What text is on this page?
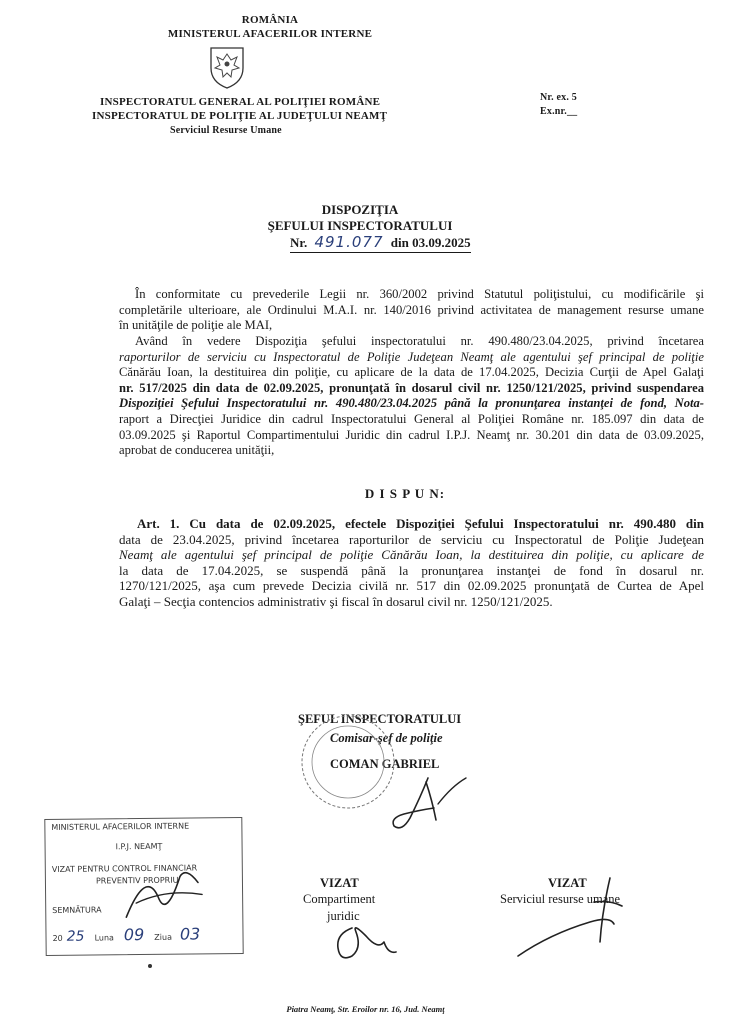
ROMÂNIA
MINISTERUL AFACERILOR INTERNE
INSPECTORATUL GENERAL AL POLIŢIEI ROMÂNE
INSPECTORATUL DE POLIŢIE AL JUDEŢULUI NEAMŢ
Serviciul Resurse Umane
Nr. ex. 5
Ex.nr.__
DISPOZIŢIA
ŞEFULUI INSPECTORATULUI
Nr. 491.077 din 03.09.2025
În conformitate cu prevederile Legii nr. 360/2002 privind Statutul poliţistului, cu modificările şi
completările ulterioare, ale Ordinului M.A.I. nr. 140/2016 privind activitatea de management resurse umane
în unităţile de poliţie ale MAI,
Având în vedere Dispoziţia şefului inspectoratului nr. 490.480/23.04.2025, privind încetarea
raporturilor de serviciu cu Inspectoratul de Poliţie Judeţean Neamţ ale agentului şef principal de poliţie
Cănărău Ioan, la destituirea din poliţie, cu aplicare de la data de 17.04.2025, Decizia Curţii de Apel Galaţi
nr. 517/2025 din data de 02.09.2025, pronunţată în dosarul civil nr. 1250/121/2025, privind suspendarea
Dispoziţiei Şefului Inspectoratului nr. 490.480/23.04.2025 până la pronunţarea instanţei de fond, Nota-
raport a Direcţiei Juridice din cadrul Inspectoratului General al Poliţiei Române nr. 185.097 din data de
03.09.2025 şi Raportul Compartimentului Juridic din cadrul I.P.J. Neamţ nr. 30.201 din data de 03.09.2025,
aprobat de conducerea unităţii,
D I S P U N:
Art. 1. Cu data de 02.09.2025, efectele Dispoziţiei Şefului Inspectoratului nr. 490.480 din
data de 23.04.2025, privind încetarea raporturilor de serviciu cu Inspectoratul de Poliţie Judeţean
Neamţ ale agentului şef principal de poliţie Cănărău Ioan, la destituirea din poliţie, cu aplicare de
la data de 17.04.2025, se suspendă până la pronunţarea instanţei de fond în dosarul nr.
1270/121/2025, aşa cum prevede Decizia civilă nr. 517 din 02.09.2025 pronunţată de Curtea de Apel
Galaţi – Secţia contencios administrativ şi fiscal în dosarul civil nr. 1250/121/2025.
ŞEFUL INSPECTORATULUI
Comisar-şef de poliţie
COMAN GABRIEL
MINISTERUL AFACERILOR INTERNE
I.P.J. NEAMŢ
VIZAT PENTRU CONTROL FINANCIAR
PREVENTIV PROPRIU
SEMNĂTURA
20 25 Luna 09 Ziua 03
VIZAT
Compartiment
juridic
VIZAT
Serviciul resurse umane
Piatra Neamţ, Str. Eroilor nr. 16, Jud. Neamţ
